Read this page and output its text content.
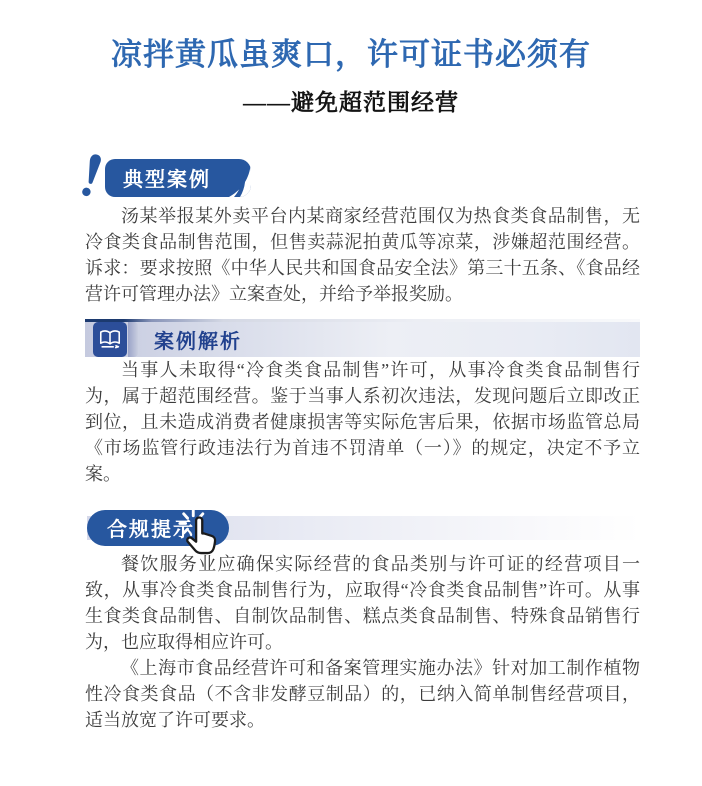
凉拌黄瓜虽爽口，许可证书必须有
——避免超范围经营
典型案例

汤某举报某外卖平台内某商家经营范围仅为热食类食品制售，无冷食类食品制售范围，但售卖蒜泥拍黄瓜等凉菜，涉嫌超范围经营。诉求：要求按照《中华人民共和国食品安全法》第三十五条、《食品经营许可管理办法》立案查处，并给予举报奖励。

案例解析

当事人未取得“冷食类食品制售”许可，从事冷食类食品制售行为，属于超范围经营。鉴于当事人系初次违法，发现问题后立即改正到位，且未造成消费者健康损害等实际危害后果，依据市场监管总局《市场监管行政违法行为首违不罚清单（一）》的规定，决定不予立案。

合规提示

餐饮服务业应确保实际经营的食品类别与许可证的经营项目一致，从事冷食类食品制售行为，应取得“冷食类食品制售”许可。从事生食类食品制售、自制饮品制售、糕点类食品制售、特殊食品销售行为，也应取得相应许可。

《上海市食品经营许可和备案管理实施办法》针对加工制作植物性冷食类食品（不含非发酵豆制品）的，已纳入简单制售经营项目，适当放宽了许可要求。
